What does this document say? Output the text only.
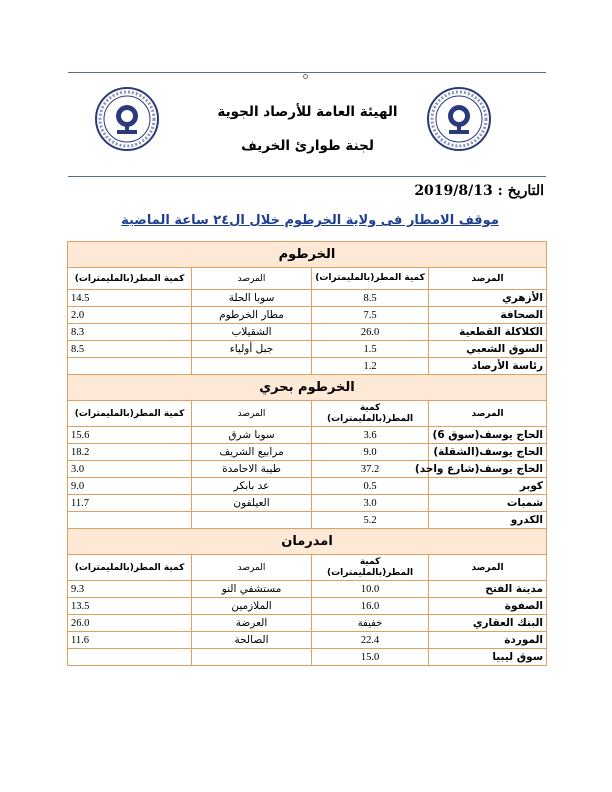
الهيئة العامة للأرصاد الجوية
لجنة طوارئ الخريف
التاريخ : 2019/8/13
موقف الامطار فى ولاية الخرطوم خلال ال٢٤ ساعة الماضية
الخرطوم			
المرصد	كمية المطر(بالمليمترات)	المرصد	كمية المطر(بالمليمترات)
الأزهري	8.5	سوبا الحلة	14.5
الصحافة	7.5	مطار الخرطوم	2.0
الكلاكلة القطعية	26.0	الشقيلاب	8.3
السوق الشعبي	1.5	جبل أولياء	8.5
رئاسة الأرصاد	1.2		
الخرطوم بحري			
المرصد	كمية
المطر(بالمليمترات)	المرصد	كمية المطر(بالمليمترات)
الحاج يوسف(سوق 6)	3.6	سوبا شرق	15.6
الحاج يوسف(الشقلة)	9.0	مرابيع الشريف	18.2
الحاج يوسف(شارع واحد)	37.2	طيبة الاحامدة	3.0
كوبر	0.5	عد بابكر	9.0
شمبات	3.0	العيلفون	11.7
الكدرو	5.2		
امدرمان			
المرصد	كمية
المطر(بالمليمترات)	المرصد	كمية المطر(بالمليمترات)
مدينة الفتح	10.0	مستشفي النو	9.3
الصفوة	16.0	الملازمين	13.5
البنك العقاري	خفيفة	العرضة	26.0
الموردة	22.4	الصالحة	11.6
سوق ليبيا	15.0		
